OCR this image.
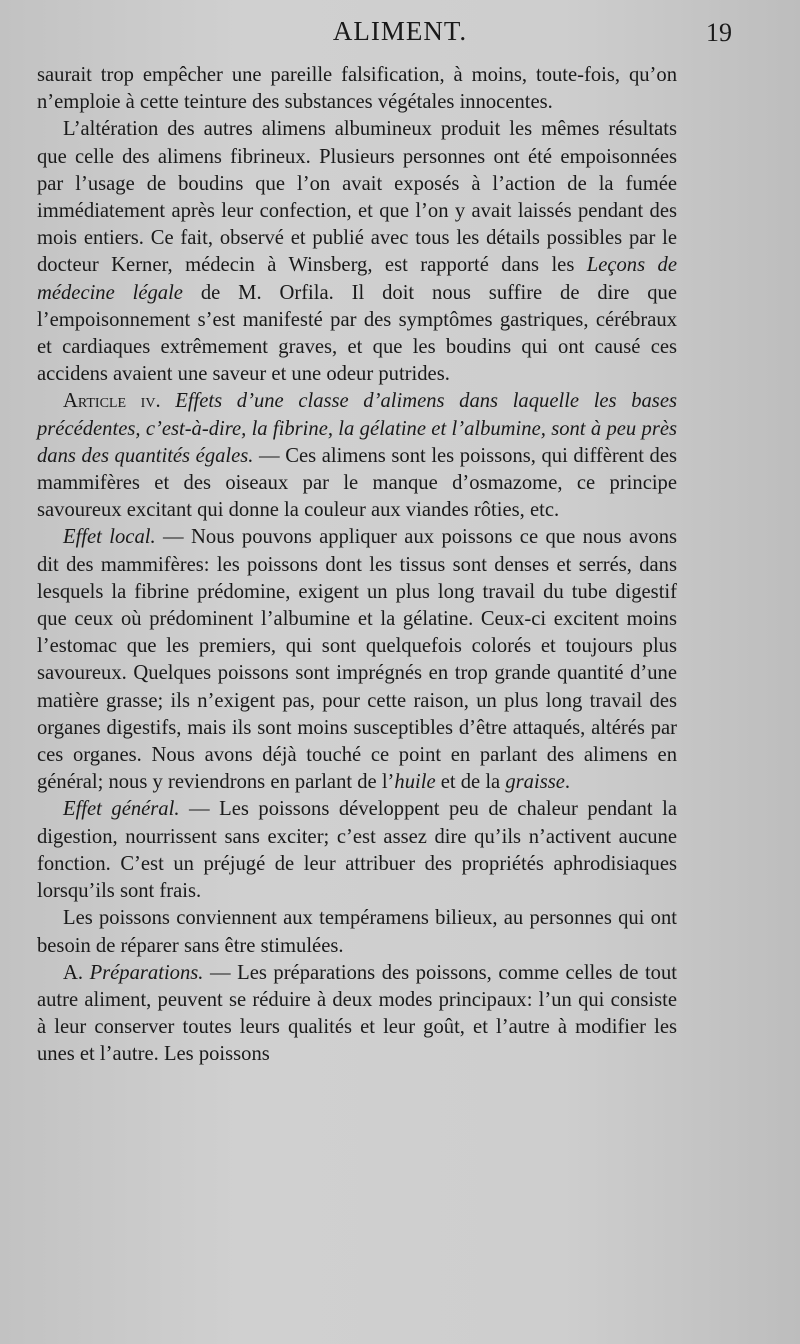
ALIMENT.	19

saurait trop empêcher une pareille falsification, à moins, toute-fois, qu’on n’emploie à cette teinture des substances végétales innocentes.

L’altération des autres alimens albumineux produit les mêmes résultats que celle des alimens fibrineux. Plusieurs personnes ont été empoisonnées par l’usage de boudins que l’on avait exposés à l’action de la fumée immédiatement après leur confection, et que l’on y avait laissés pendant des mois entiers. Ce fait, observé et publié avec tous les détails possibles par le docteur Kerner, médecin à Winsberg, est rapporté dans les Leçons de médecine légale de M. Orfila. Il doit nous suffire de dire que l’empoisonnement s’est manifesté par des symptômes gastriques, cérébraux et cardiaques extrêmement graves, et que les boudins qui ont causé ces accidens avaient une saveur et une odeur putrides.

Article iv. Effets d’une classe d’alimens dans laquelle les bases précédentes, c’est-à-dire, la fibrine, la gélatine et l’albumine, sont à peu près dans des quantités égales. — Ces alimens sont les poissons, qui diffèrent des mammifères et des oiseaux par le manque d’osmazome, ce principe savoureux excitant qui donne la couleur aux viandes rôties, etc.

Effet local. — Nous pouvons appliquer aux poissons ce que nous avons dit des mammifères: les poissons dont les tissus sont denses et serrés, dans lesquels la fibrine prédomine, exigent un plus long travail du tube digestif que ceux où prédominent l’albumine et la gélatine. Ceux-ci excitent moins l’estomac que les premiers, qui sont quelquefois colorés et toujours plus savoureux. Quelques poissons sont imprégnés en trop grande quantité d’une matière grasse; ils n’exigent pas, pour cette raison, un plus long travail des organes digestifs, mais ils sont moins susceptibles d’être attaqués, altérés par ces organes. Nous avons déjà touché ce point en parlant des alimens en général; nous y reviendrons en parlant de l’huile et de la graisse.

Effet général. — Les poissons développent peu de chaleur pendant la digestion, nourrissent sans exciter; c’est assez dire qu’ils n’activent aucune fonction. C’est un préjugé de leur attribuer des propriétés aphrodisiaques lorsqu’ils sont frais.

Les poissons conviennent aux tempéramens bilieux, au personnes qui ont besoin de réparer sans être stimulées.

A. Préparations. — Les préparations des poissons, comme celles de tout autre aliment, peuvent se réduire à deux modes principaux: l’un qui consiste à leur conserver toutes leurs qualités et leur goût, et l’autre à modifier les unes et l’autre. Les poissons
